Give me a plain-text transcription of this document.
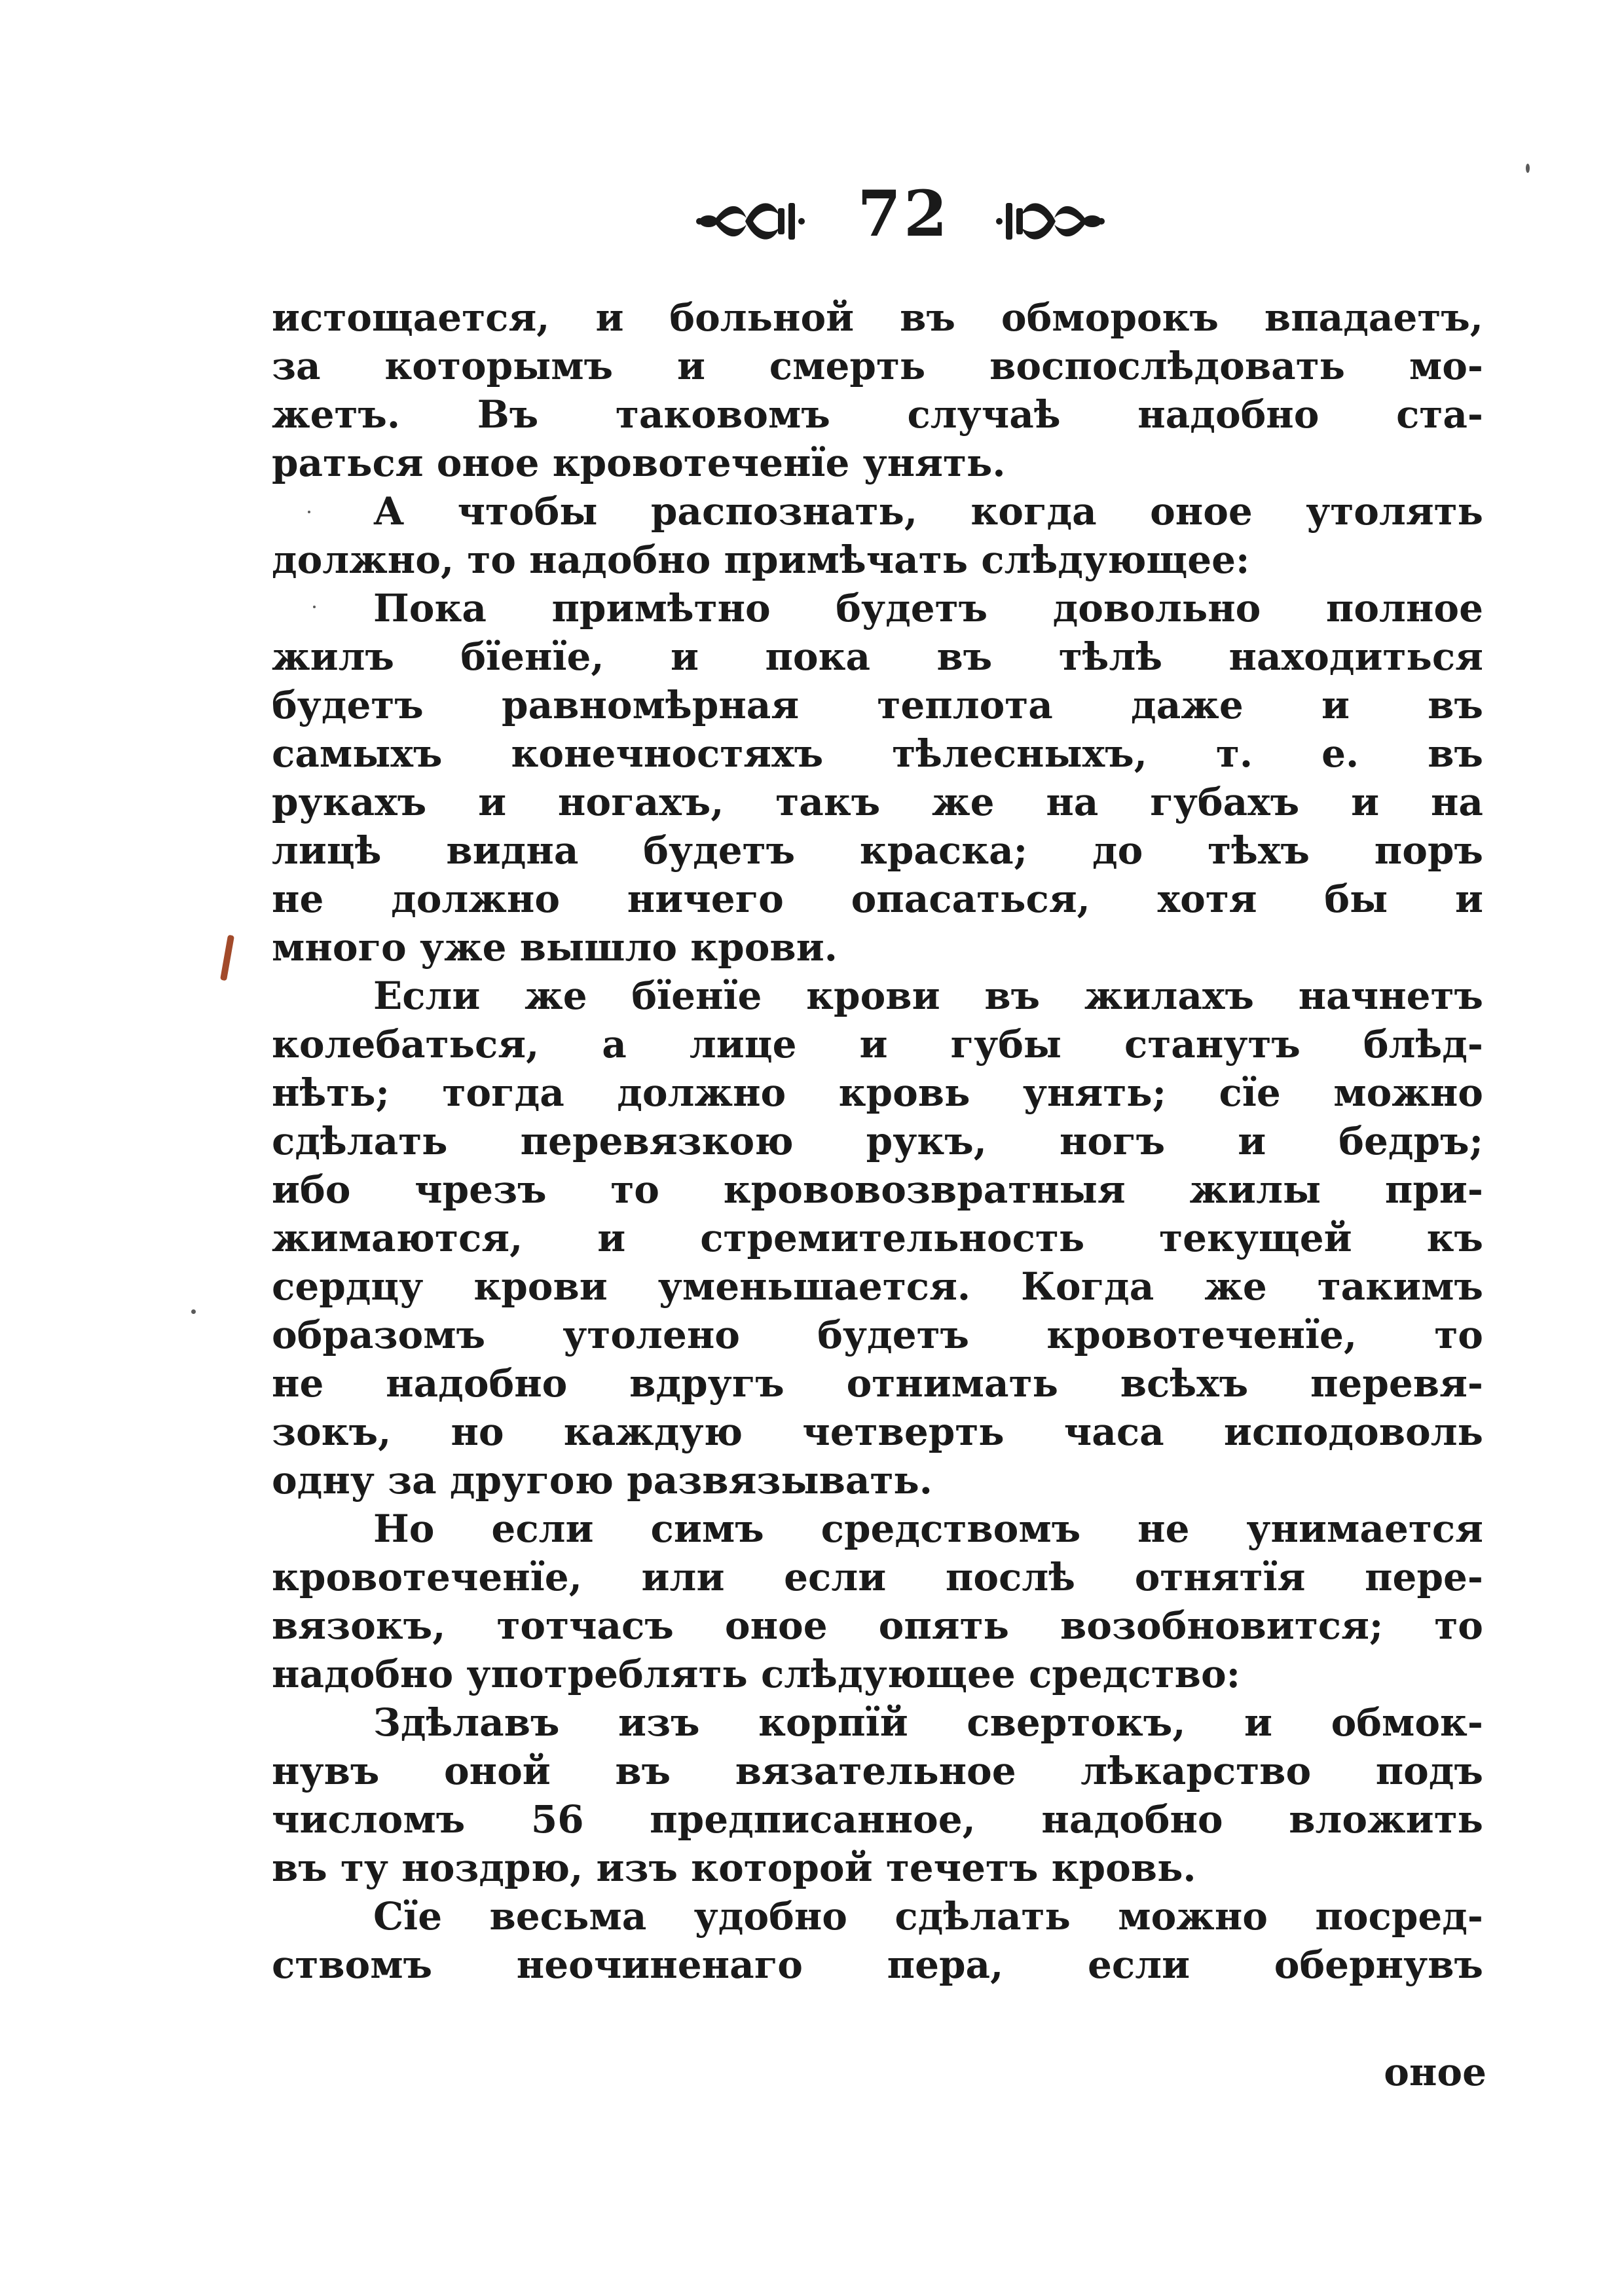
72
истощается, и больной въ обморокъ впадаетъ,
за которымъ и смерть воспослѣдовать мо-
жетъ. Въ таковомъ случаѣ надобно ста-
раться оное кровотеченїе унять.
А чтобы распознать, когда оное утолять
должно, то надобно примѣчать слѣдующее:
Пока примѣтно будетъ довольно полное
жилъ бїенїе, и пока въ тѣлѣ находиться
будетъ равномѣрная теплота даже и въ
самыхъ конечностяхъ тѣлесныхъ, т. е. въ
рукахъ и ногахъ, такъ же на губахъ и на
лицѣ видна будетъ краска; до тѣхъ поръ
не должно ничего опасаться, хотя бы и
много уже вышло крови.
Если же бїенїе крови въ жилахъ начнетъ
колебаться, а лице и губы станутъ блѣд-
нѣть; тогда должно кровь унять; сїе можно
сдѣлать перевязкою рукъ, ногъ и бедръ;
ибо чрезъ то крововозвратныя жилы при-
жимаются, и стремительность текущей къ
сердцу крови уменьшается. Когда же такимъ
образомъ утолено будетъ кровотеченїе, то
не надобно вдругъ отнимать всѣхъ перевя-
зокъ, но каждую четверть часа исподоволь
одну за другою развязывать.
Но если симъ средствомъ не унимается
кровотеченїе, или если послѣ отнятїя пере-
вязокъ, тотчасъ оное опять возобновится; то
надобно употреблять слѣдующее средство:
Здѣлавъ изъ корпїй свертокъ, и обмок-
нувъ оной въ вязательное лѣкарство подъ
числомъ 56 предписанное, надобно вложить
въ ту ноздрю, изъ которой течетъ кровь.
Сїе весьма удобно сдѣлать можно посред-
ствомъ неочиненаго пера, если обернувъ
оное
